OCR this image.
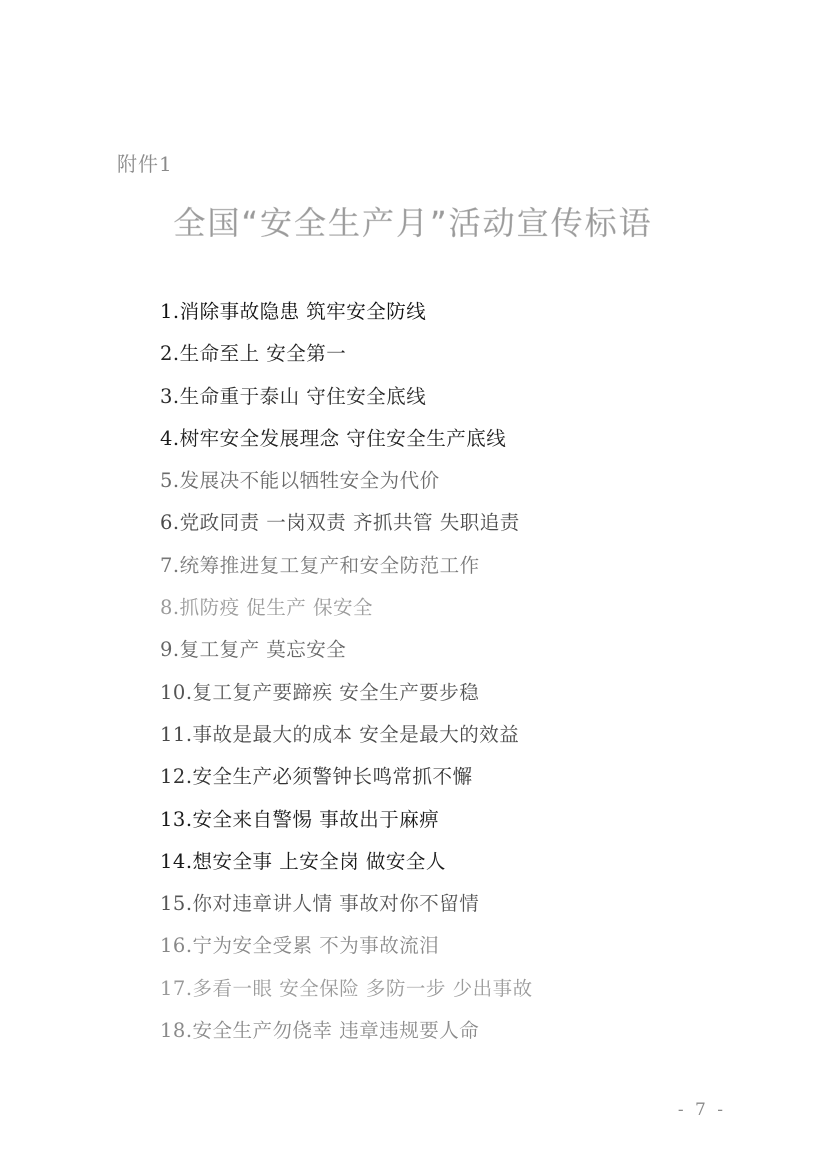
附件1
全国“安全生产月”活动宣传标语
1.消除事故隐患 筑牢安全防线
2.生命至上 安全第一
3.生命重于泰山 守住安全底线
4.树牢安全发展理念 守住安全生产底线
5.发展决不能以牺牲安全为代价
6.党政同责 一岗双责 齐抓共管 失职追责
7.统筹推进复工复产和安全防范工作
8.抓防疫 促生产 保安全
9.复工复产 莫忘安全
10.复工复产要蹄疾 安全生产要步稳
11.事故是最大的成本 安全是最大的效益
12.安全生产必须警钟长鸣常抓不懈
13.安全来自警惕 事故出于麻痹
14.想安全事 上安全岗 做安全人
15.你对违章讲人情 事故对你不留情
16.宁为安全受累 不为事故流泪
17.多看一眼 安全保险 多防一步 少出事故
18.安全生产勿侥幸 违章违规要人命
- 7 -
